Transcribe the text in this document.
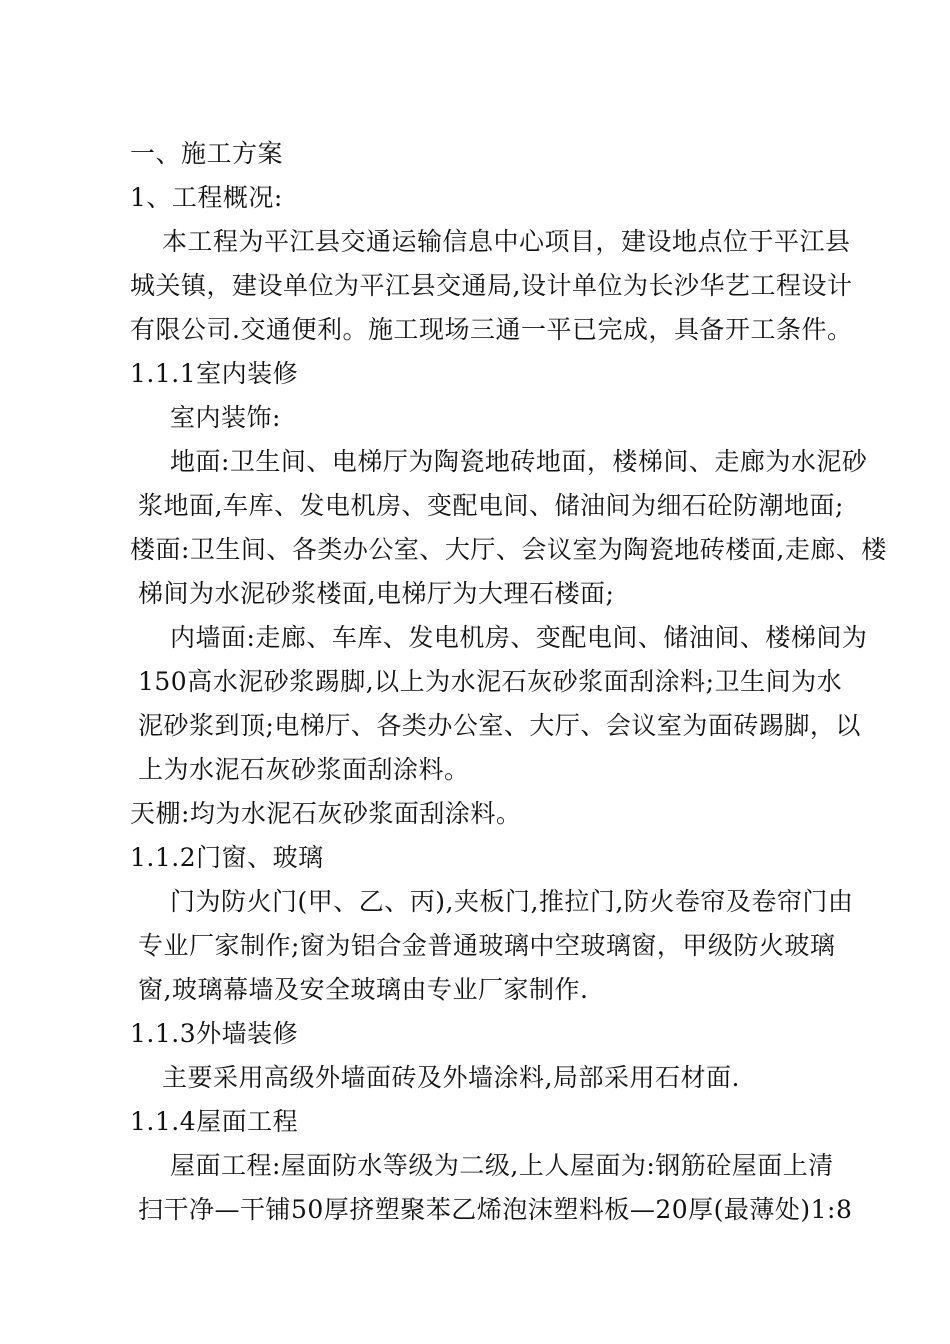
一、施工方案
1、工程概况:
本工程为平江县交通运输信息中心项目，建设地点位于平江县
城关镇，建设单位为平江县交通局,设计单位为长沙华艺工程设计
有限公司.交通便利。施工现场三通一平已完成，具备开工条件。
1.1.1室内装修
室内装饰:
地面:卫生间、电梯厅为陶瓷地砖地面，楼梯间、走廊为水泥砂
浆地面,车库、发电机房、变配电间、储油间为细石砼防潮地面;
楼面:卫生间、各类办公室、大厅、会议室为陶瓷地砖楼面,走廊、楼
梯间为水泥砂浆楼面,电梯厅为大理石楼面;
内墙面:走廊、车库、发电机房、变配电间、储油间、楼梯间为
150高水泥砂浆踢脚,以上为水泥石灰砂浆面刮涂料;卫生间为水
泥砂浆到顶;电梯厅、各类办公室、大厅、会议室为面砖踢脚，以
上为水泥石灰砂浆面刮涂料。
天棚:均为水泥石灰砂浆面刮涂料。
1.1.2门窗、玻璃
门为防火门(甲、乙、丙),夹板门,推拉门,防火卷帘及卷帘门由
专业厂家制作;窗为铝合金普通玻璃中空玻璃窗，甲级防火玻璃
窗,玻璃幕墙及安全玻璃由专业厂家制作.
1.1.3外墙装修
主要采用高级外墙面砖及外墙涂料,局部采用石材面.
1.1.4屋面工程
屋面工程:屋面防水等级为二级,上人屋面为:钢筋砼屋面上清
扫干净—干铺50厚挤塑聚苯乙烯泡沫塑料板—20厚(最薄处)1:8
